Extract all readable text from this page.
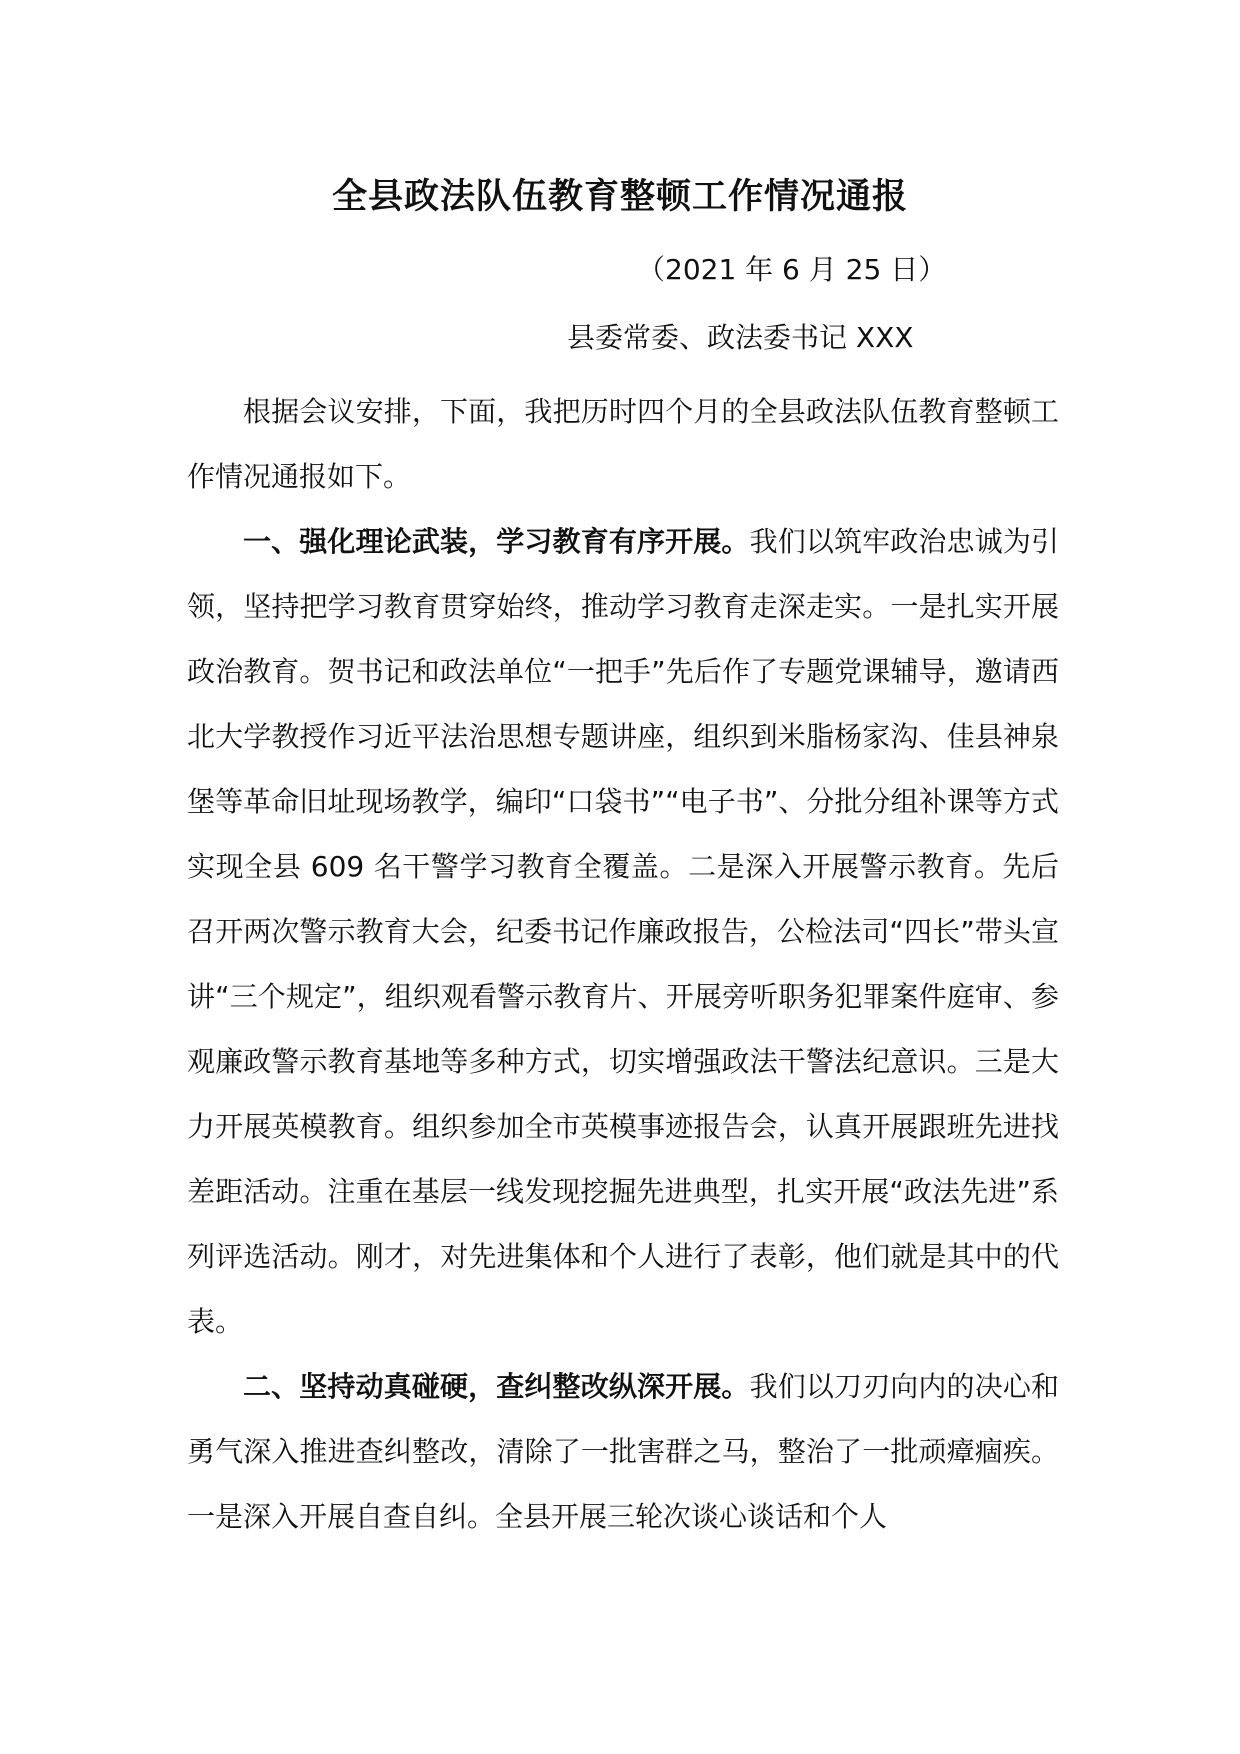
全县政法队伍教育整顿工作情况通报
（2021 年 6 月 25 日）
县委常委、政法委书记 XXX

根据会议安排，下面，我把历时四个月的全县政法队伍教育整顿工作情况通报如下。

一、强化理论武装，学习教育有序开展。我们以筑牢政治忠诚为引领，坚持把学习教育贯穿始终，推动学习教育走深走实。一是扎实开展政治教育。贺书记和政法单位“一把手”先后作了专题党课辅导，邀请西北大学教授作习近平法治思想专题讲座，组织到米脂杨家沟、佳县神泉堡等革命旧址现场教学，编印“口袋书”“电子书”、分批分组补课等方式实现全县 609 名干警学习教育全覆盖。二是深入开展警示教育。先后召开两次警示教育大会，纪委书记作廉政报告，公检法司“四长”带头宣讲“三个规定”，组织观看警示教育片、开展旁听职务犯罪案件庭审、参观廉政警示教育基地等多种方式，切实增强政法干警法纪意识。三是大力开展英模教育。组织参加全市英模事迹报告会，认真开展跟班先进找差距活动。注重在基层一线发现挖掘先进典型，扎实开展“政法先进”系列评选活动。刚才，对先进集体和个人进行了表彰，他们就是其中的代表。

二、坚持动真碰硬，查纠整改纵深开展。我们以刀刃向内的决心和勇气深入推进查纠整改，清除了一批害群之马，整治了一批顽瘴痼疾。一是深入开展自查自纠。全县开展三轮次谈心谈话和个人
